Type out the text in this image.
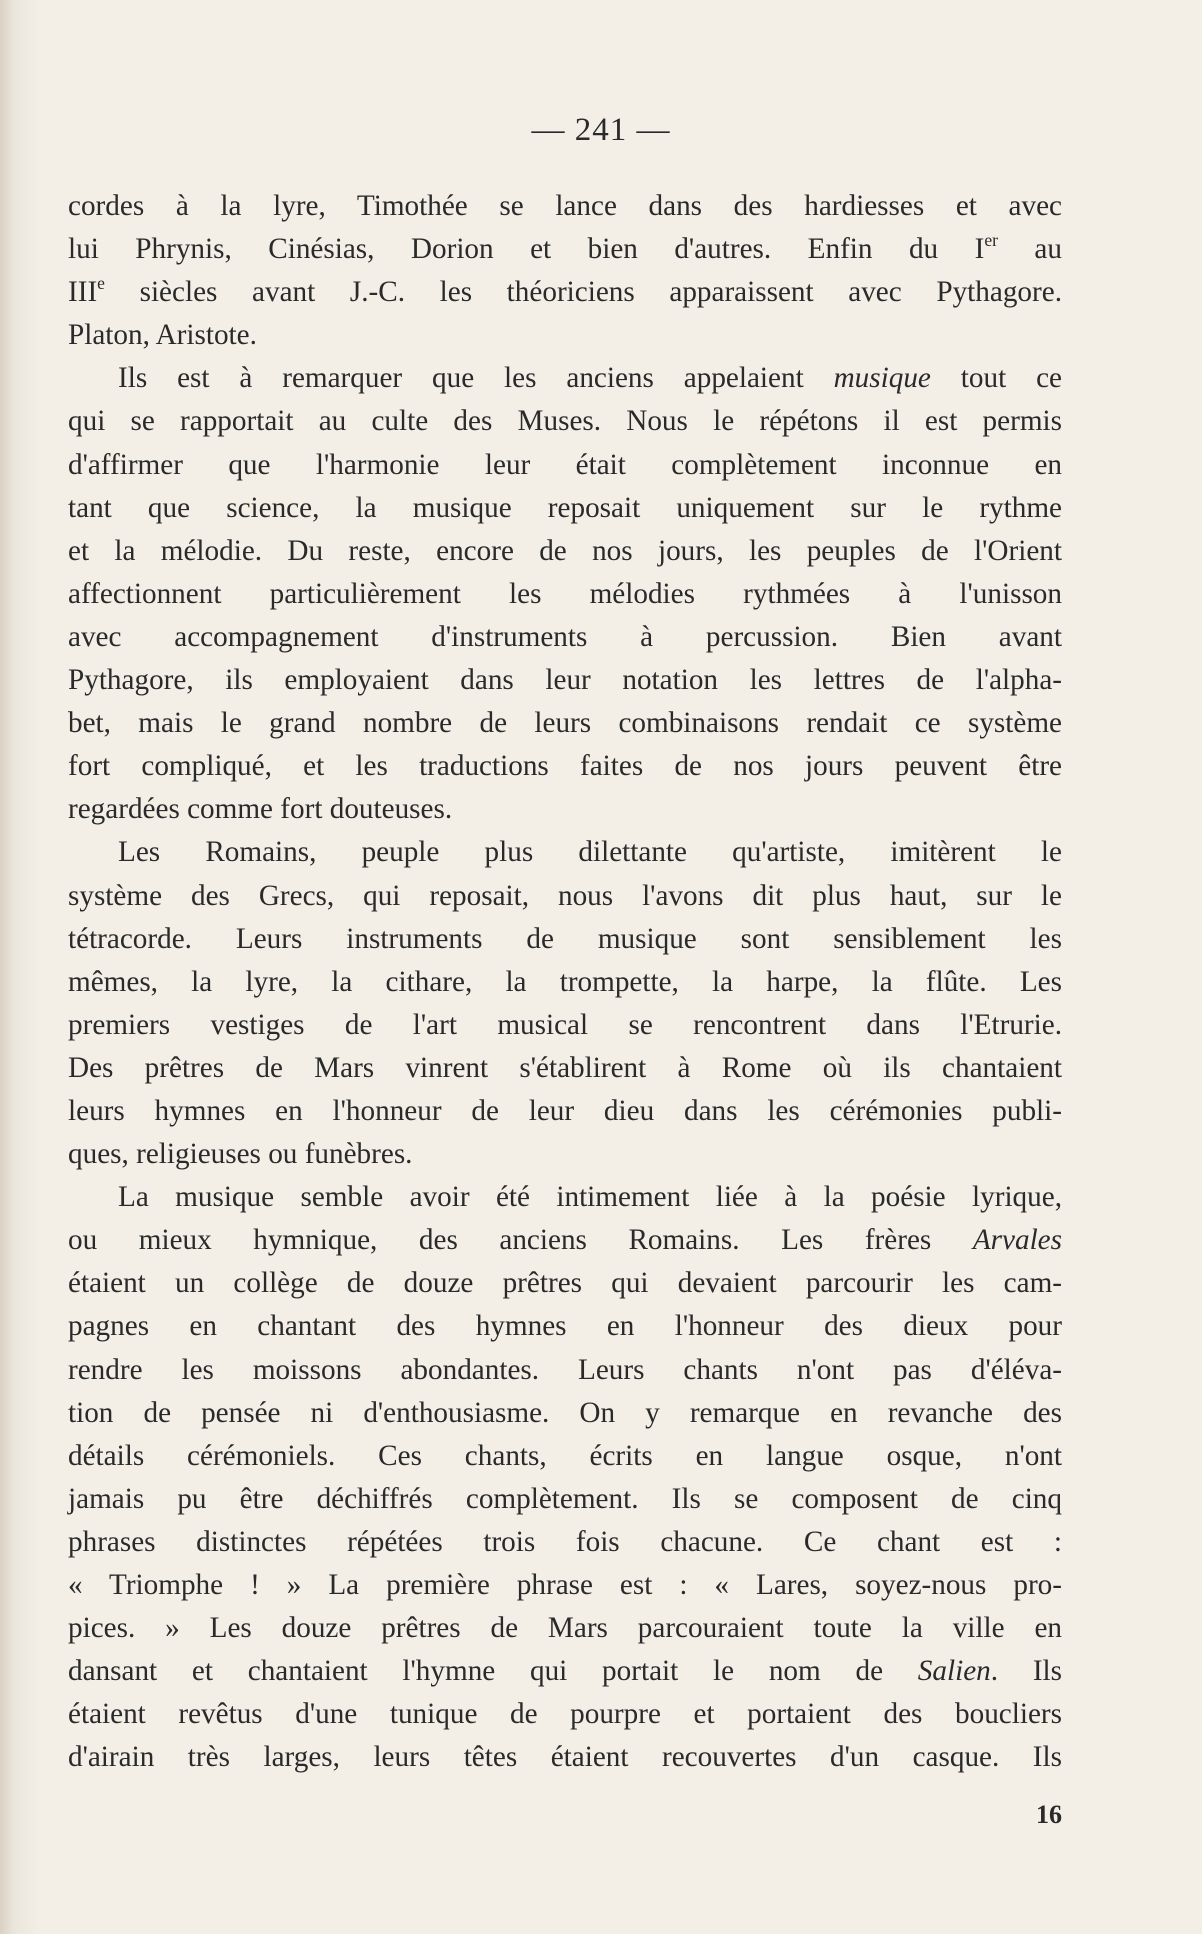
— 241 —

cordes à la lyre, Timothée se lance dans des hardiesses et avec
lui Phrynis, Cinésias, Dorion et bien d'autres. Enfin du Ier au
IIIe siècles avant J.-C. les théoriciens apparaissent avec Pythagore.
Platon, Aristote.

Ils est à remarquer que les anciens appelaient musique tout ce
qui se rapportait au culte des Muses. Nous le répétons il est permis
d'affirmer que l'harmonie leur était complètement inconnue en
tant que science, la musique reposait uniquement sur le rythme
et la mélodie. Du reste, encore de nos jours, les peuples de l'Orient
affectionnent particulièrement les mélodies rythmées à l'unisson
avec accompagnement d'instruments à percussion. Bien avant
Pythagore, ils employaient dans leur notation les lettres de l'alpha-
bet, mais le grand nombre de leurs combinaisons rendait ce système
fort compliqué, et les traductions faites de nos jours peuvent être
regardées comme fort douteuses.

Les Romains, peuple plus dilettante qu'artiste, imitèrent le
système des Grecs, qui reposait, nous l'avons dit plus haut, sur le
tétracorde. Leurs instruments de musique sont sensiblement les
mêmes, la lyre, la cithare, la trompette, la harpe, la flûte. Les
premiers vestiges de l'art musical se rencontrent dans l'Etrurie.
Des prêtres de Mars vinrent s'établirent à Rome où ils chantaient
leurs hymnes en l'honneur de leur dieu dans les cérémonies publi-
ques, religieuses ou funèbres.

La musique semble avoir été intimement liée à la poésie lyrique,
ou mieux hymnique, des anciens Romains. Les frères Arvales
étaient un collège de douze prêtres qui devaient parcourir les cam-
pagnes en chantant des hymnes en l'honneur des dieux pour
rendre les moissons abondantes. Leurs chants n'ont pas d'éléva-
tion de pensée ni d'enthousiasme. On y remarque en revanche des
détails cérémoniels. Ces chants, écrits en langue osque, n'ont
jamais pu être déchiffrés complètement. Ils se composent de cinq
phrases distinctes répétées trois fois chacune. Ce chant est :
« Triomphe ! » La première phrase est : « Lares, soyez-nous pro-
pices. » Les douze prêtres de Mars parcouraient toute la ville en
dansant et chantaient l'hymne qui portait le nom de Salien. Ils
étaient revêtus d'une tunique de pourpre et portaient des boucliers
d'airain très larges, leurs têtes étaient recouvertes d'un casque. Ils

16
